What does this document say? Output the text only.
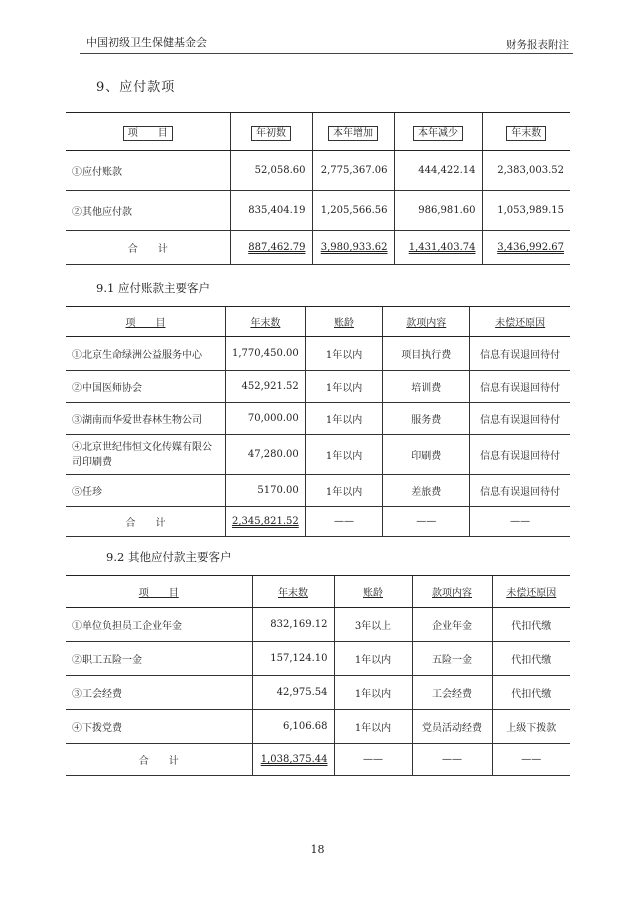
中国初级卫生保健基金会	财务报表附注
9、应付款项
项　　目	年初数	本年增加	本年减少	年末数
①应付账款	52,058.60	2,775,367.06	444,422.14	2,383,003.52
②其他应付款	835,404.19	1,205,566.56	986,981.60	1,053,989.15
合　　计	887,462.79	3,980,933.62	1,431,403.74	3,436,992.67
9.1 应付账款主要客户
项　　目	年末数	账龄	款项内容	未偿还原因
①北京生命绿洲公益服务中心	1,770,450.00	1年以内	项目执行费	信息有误退回待付
②中国医师协会	452,921.52	1年以内	培训费	信息有误退回待付
③湖南而华爱世春林生物公司	70,000.00	1年以内	服务费	信息有误退回待付
④北京世纪伟恒文化传媒有限公司印刷费	47,280.00	1年以内	印刷费	信息有误退回待付
⑤任珍	5170.00	1年以内	差旅费	信息有误退回待付
合　　计	2,345,821.52	——	——	——
9.2 其他应付款主要客户
项　　目	年末数	账龄	款项内容	未偿还原因
①单位负担员工企业年金	832,169.12	3年以上	企业年金	代扣代缴
②职工五险一金	157,124.10	1年以内	五险一金	代扣代缴
③工会经费	42,975.54	1年以内	工会经费	代扣代缴
④下拨党费	6,106.68	1年以内	党员活动经费	上级下拨款
合　　计	1,038,375.44	——	——	——
18
